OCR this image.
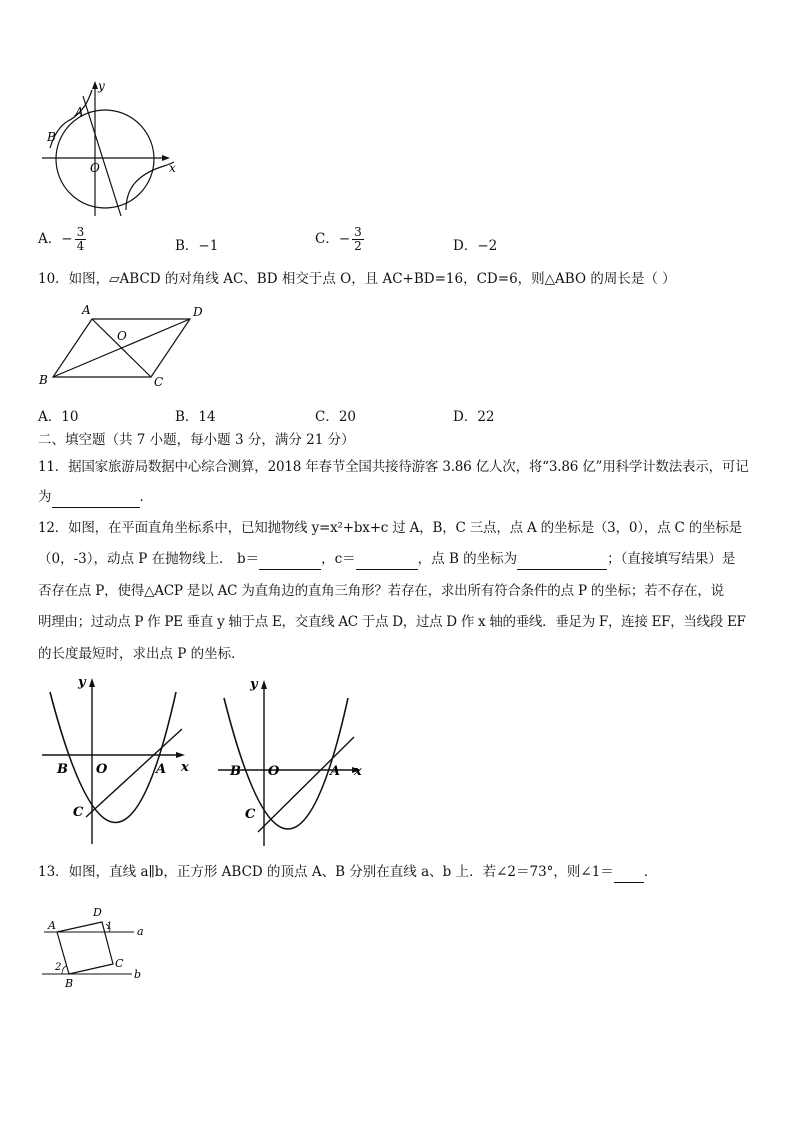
y
x
A
B
O
A．− $\frac{3}{4}$	B．−1	C．− $\frac{3}{2}$	D．−2
10．如图，▱ABCD 的对角线 AC、BD 相交于点 O，且 AC+BD=16，CD=6，则△ABO 的周长是（ ）
A	D
O
B	C
A．10	B．14	C．20	D．22
二、填空题（共 7 小题，每小题 3 分，满分 21 分）
11．据国家旅游局数据中心综合测算，2018 年春节全国共接待游客 3.86 亿人次，将“3.86 亿”用科学计数法表示，可记
为	．
12．如图，在平面直角坐标系中，已知抛物线 y=x²+bx+c 过 A，B，C 三点，点 A 的坐标是（3，0），点 C 的坐标是
（0，-3），动点 P 在抛物线上． b＝	，c＝	，点 B 的坐标为	；（直接填写结果）是
否存在点 P，使得△ACP 是以 AC 为直角边的直角三角形？若存在，求出所有符合条件的点 P 的坐标；若不存在，说
明理由；过动点 P 作 PE 垂直 y 轴于点 E，交直线 AC 于点 D，过点 D 作 x 轴的垂线．垂足为 F，连接 EF，当线段 EF
的长度最短时，求出点 P 的坐标．
y
x
B O	A
C
y
x
B O	A
C
13．如图，直线 a∥b，正方形 ABCD 的顶点 A、B 分别在直线 a、b 上．若∠2＝73°，则∠1＝ ．
A
D
1 a
C
2
b
B
